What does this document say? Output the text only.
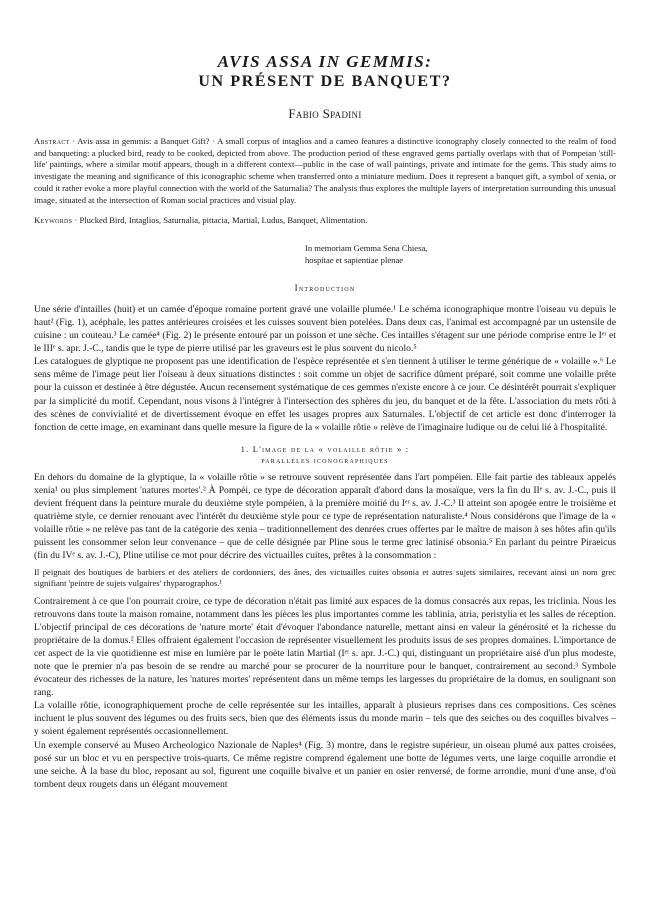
AVIS ASSA IN GEMMIS:
UN PRÉSENT DE BANQUET?
Fabio Spadini

Abstract · Avis assa in gemmis: a Banquet Gift? · A small corpus of intaglios and a cameo features a distinctive iconography closely connected to the realm of food and banqueting: a plucked bird, ready to be cooked, depicted from above. The production period of these engraved gems partially overlaps with that of Pompeian 'still-life' paintings, where a similar motif appears, though in a different context—public in the case of wall paintings, private and intimate for the gems. This study aims to investigate the meaning and significance of this iconographic scheme when transferred onto a miniature medium. Does it represent a banquet gift, a symbol of xenia, or could it rather evoke a more playful connection with the world of the Saturnalia? The analysis thus explores the multiple layers of interpretation surrounding this unusual image, situated at the intersection of Roman social practices and visual play.

Keywords · Plucked Bird, Intaglios, Saturnalia, pittacia, Martial, Ludus, Banquet, Alimentation.

In memoriam Gemma Sena Chiesa,
hospitae et sapientiae plenae
Introduction

Une série d'intailles (huit) et un camée d'époque romaine portent gravé une volaille plumée.¹ Le schéma iconographique montre l'oiseau vu depuis le haut² (Fig. 1), acéphale, les pattes antérieures croisées et les cuisses souvent bien potelées. Dans deux cas, l'animal est accompagné par un ustensile de cuisine : un couteau.³ Le camée⁴ (Fig. 2) le présente entouré par un poisson et une sèche. Ces intailles s'étagent sur une période comprise entre le Iᵉʳ et le IIIᵉ s. apr. J.-C., tandis que le type de pierre utilisé par les graveurs est le plus souvent du nicolo.⁵

Les catalogues de glyptique ne proposent pas une identification de l'espèce représentée et s'en tiennent à utiliser le terme générique de « volaille ».⁶ Le sens même de l'image peut lier l'oiseau à deux situations distinctes : soit comme un objet de sacrifice dûment préparé, soit comme une volaille prête pour la cuisson et destinée à être dégustée. Aucun recensement systématique de ces gemmes n'existe encore à ce jour. Ce désintérêt pourrait s'expliquer par la simplicité du motif. Cependant, nous visons à l'intégrer à l'intersection des sphères du jeu, du banquet et de la fête. L'association du mets rôti à des scènes de convivialité et de divertissement évoque en effet les usages propres aux Saturnales. L'objectif de cet article est donc d'interroger la fonction de cette image, en examinant dans quelle mesure la figure de la « volaille rôtie » relève de l'imaginaire ludique ou de celui lié à l'hospitalité.

1. L'image de la « volaille rôtie » :
parallèles iconographiques

En dehors du domaine de la glyptique, la « volaille rôtie » se retrouve souvent représentée dans l'art pompéien. Elle fait partie des tableaux appelés xenia¹ ou plus simplement 'natures mortes'.² À Pompéi, ce type de décoration apparaît d'abord dans la mosaïque, vers la fin du IIᵉ s. av. J.-C., puis il devient fréquent dans la peinture murale du deuxième style pompéien, à la première moitié du Iᵉʳ s. av. J.-C.³ Il atteint son apogée entre le troisième et quatrième style, ce dernier renouant avec l'intérêt du deuxième style pour ce type de représentation naturaliste.⁴ Nous considérons que l'image de la « volaille rôtie » ne relève pas tant de la catégorie des xenia – traditionnellement des denrées crues offertes par le maître de maison à ses hôtes afin qu'ils puissent les consommer selon leur convenance – que de celle désignée par Pline sous le terme grec latinisé obsonia.⁵ En parlant du peintre Piraeicus (fin du IVᵉ s. av. J.-C), Pline utilise ce mot pour décrire des victuailles cuites, prêtes à la consommation :

Il peignait des boutiques de barbiers et des ateliers de cordonniers, des ânes, des victuailles cuites obsonia et autres sujets similaires, recevant ainsi un nom grec signifiant 'peintre de sujets vulgaires' rhyparographos.¹

Contrairement à ce que l'on pourrait croire, ce type de décoration n'était pas limité aux espaces de la domus consacrés aux repas, les triclinia. Nous les retrouvons dans toute la maison romaine, notamment dans les pièces les plus importantes comme les tablinia, atria, peristylia et les salles de réception. L'objectif principal de ces décorations de 'nature morte' était d'évoquer l'abondance naturelle, mettant ainsi en valeur la générosité et la richesse du propriétaire de la domus.² Elles offraient également l'occasion de représenter visuellement les produits issus de ses propres domaines. L'importance de cet aspect de la vie quotidienne est mise en lumière par le poète latin Martial (Iᵉʳ s. apr. J.-C.) qui, distinguant un propriétaire aisé d'un plus modeste, note que le premier n'a pas besoin de se rendre au marché pour se procurer de la nourriture pour le banquet, contrairement au second.³ Symbole évocateur des richesses de la nature, les 'natures mortes' représentent dans un même temps les largesses du propriétaire de la domus, en soulignant son rang.

La volaille rôtie, iconographiquement proche de celle représentée sur les intailles, apparaît à plusieurs reprises dans ces compositions. Ces scènes incluent le plus souvent des légumes ou des fruits secs, bien que des éléments issus du monde marin – tels que des seiches ou des coquilles bivalves – y soient également représentés occasionnellement.

Un exemple conservé au Museo Archeologico Nazionale de Naples⁴ (Fig. 3) montre, dans le registre supérieur, un oiseau plumé aux pattes croisées, posé sur un bloc et vu en perspective trois-quarts. Ce même registre comprend également une botte de légumes verts, une large coquille arrondie et une seiche. À la base du bloc, reposant au sol, figurent une coquille bivalve et un panier en osier renversé, de forme arrondie, muni d'une anse, d'où tombent deux rougets dans un élégant mouvement
